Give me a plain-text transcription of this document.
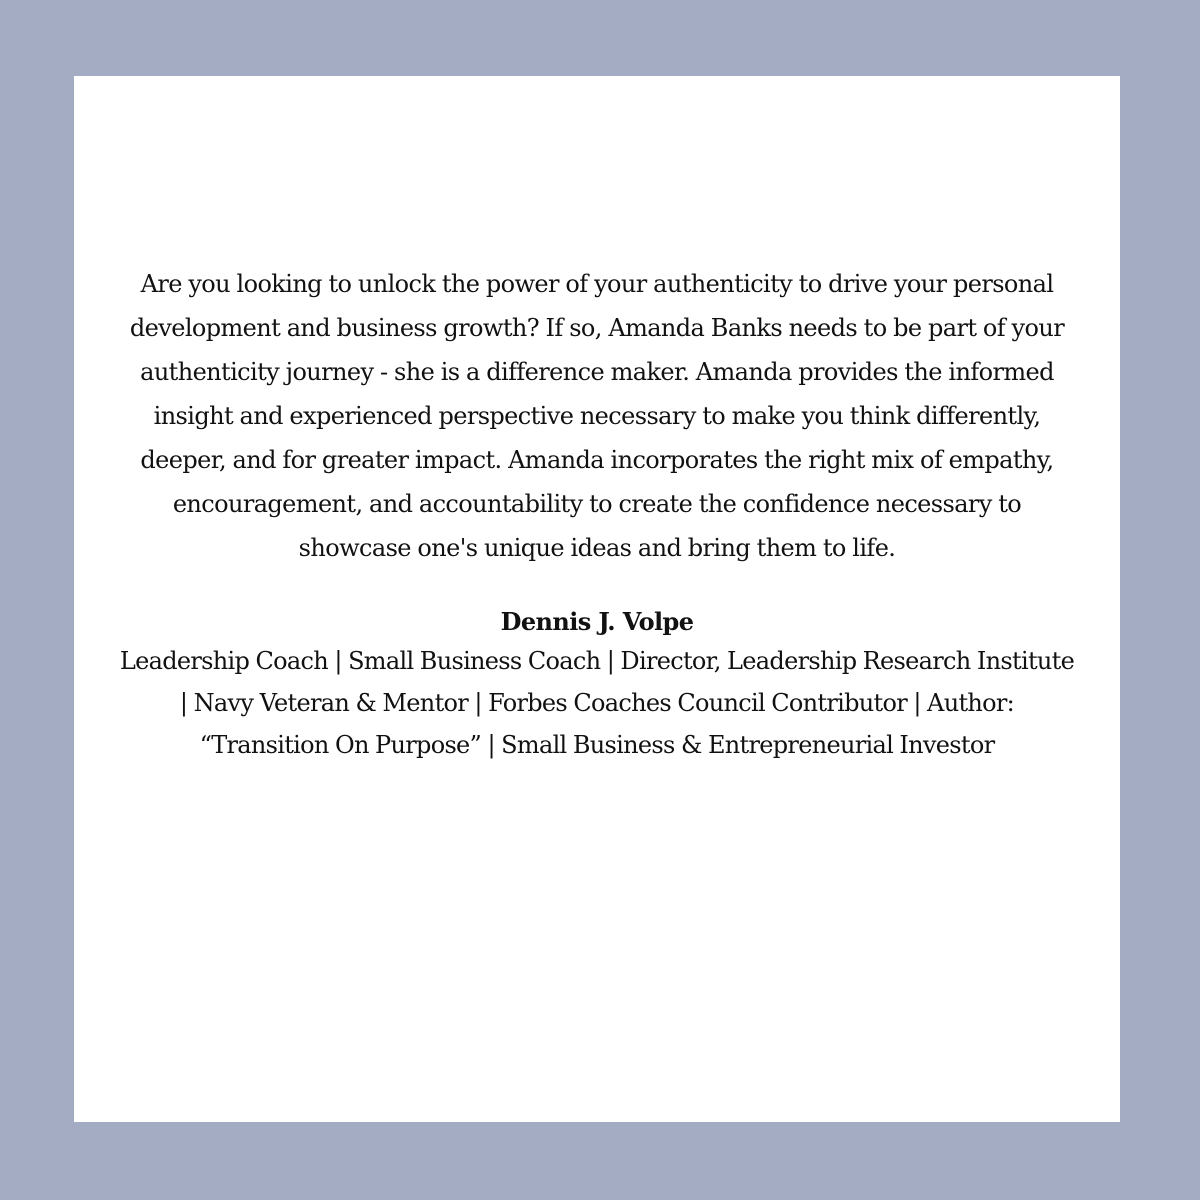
Are you looking to unlock the power of your authenticity to drive your personal development and business growth? If so, Amanda Banks needs to be part of your authenticity journey - she is a difference maker. Amanda provides the informed insight and experienced perspective necessary to make you think differently, deeper, and for greater impact. Amanda incorporates the right mix of empathy, encouragement, and accountability to create the confidence necessary to showcase one's unique ideas and bring them to life.

Dennis J. Volpe

Leadership Coach | Small Business Coach | Director, Leadership Research Institute | Navy Veteran & Mentor | Forbes Coaches Council Contributor | Author: “Transition On Purpose” | Small Business & Entrepreneurial Investor
